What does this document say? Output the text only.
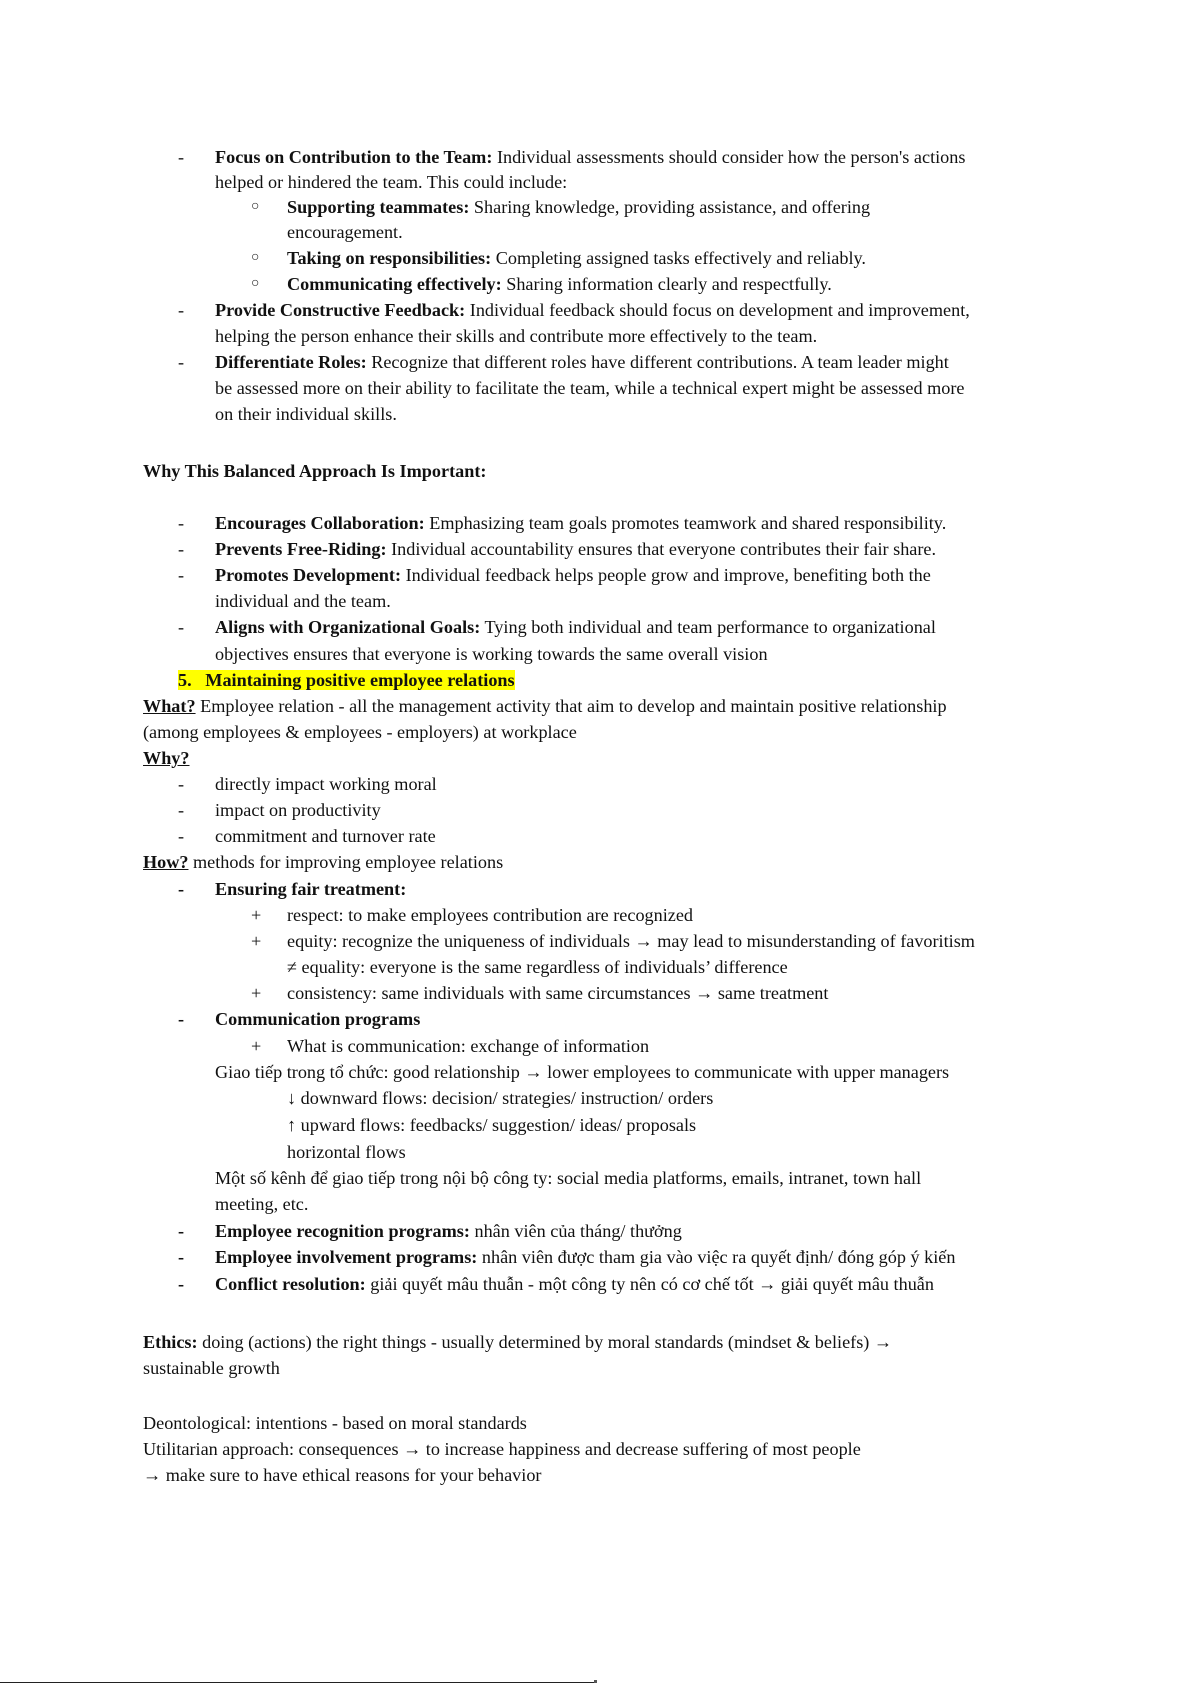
- Focus on Contribution to the Team: Individual assessments should consider how the person's actions
helped or hindered the team. This could include:
○ Supporting teammates: Sharing knowledge, providing assistance, and offering
encouragement.
○ Taking on responsibilities: Completing assigned tasks effectively and reliably.
○ Communicating effectively: Sharing information clearly and respectfully.
- Provide Constructive Feedback: Individual feedback should focus on development and improvement,
helping the person enhance their skills and contribute more effectively to the team.
- Differentiate Roles: Recognize that different roles have different contributions. A team leader might
be assessed more on their ability to facilitate the team, while a technical expert might be assessed more
on their individual skills.
Why This Balanced Approach Is Important:
- Encourages Collaboration: Emphasizing team goals promotes teamwork and shared responsibility.
- Prevents Free-Riding: Individual accountability ensures that everyone contributes their fair share.
- Promotes Development: Individual feedback helps people grow and improve, benefiting both the
individual and the team.
- Aligns with Organizational Goals: Tying both individual and team performance to organizational
objectives ensures that everyone is working towards the same overall vision
5. Maintaining positive employee relations
What? Employee relation - all the management activity that aim to develop and maintain positive relationship
(among employees & employees - employers) at workplace
Why?
- directly impact working moral
- impact on productivity
- commitment and turnover rate
How? methods for improving employee relations
- Ensuring fair treatment:
+ respect: to make employees contribution are recognized
+ equity: recognize the uniqueness of individuals → may lead to misunderstanding of favoritism
≠ equality: everyone is the same regardless of individuals’ difference
+ consistency: same individuals with same circumstances → same treatment
- Communication programs
+ What is communication: exchange of information
Giao tiếp trong tổ chức: good relationship → lower employees to communicate with upper managers
↓ downward flows: decision/ strategies/ instruction/ orders
↑ upward flows: feedbacks/ suggestion/ ideas/ proposals
horizontal flows
Một số kênh để giao tiếp trong nội bộ công ty: social media platforms, emails, intranet, town hall
meeting, etc.
- Employee recognition programs: nhân viên của tháng/ thưởng
- Employee involvement programs: nhân viên được tham gia vào việc ra quyết định/ đóng góp ý kiến
- Conflict resolution: giải quyết mâu thuẫn - một công ty nên có cơ chế tốt → giải quyết mâu thuẫn
Ethics: doing (actions) the right things - usually determined by moral standards (mindset & beliefs) →
sustainable growth
Deontological: intentions - based on moral standards
Utilitarian approach: consequences → to increase happiness and decrease suffering of most people
→ make sure to have ethical reasons for your behavior
